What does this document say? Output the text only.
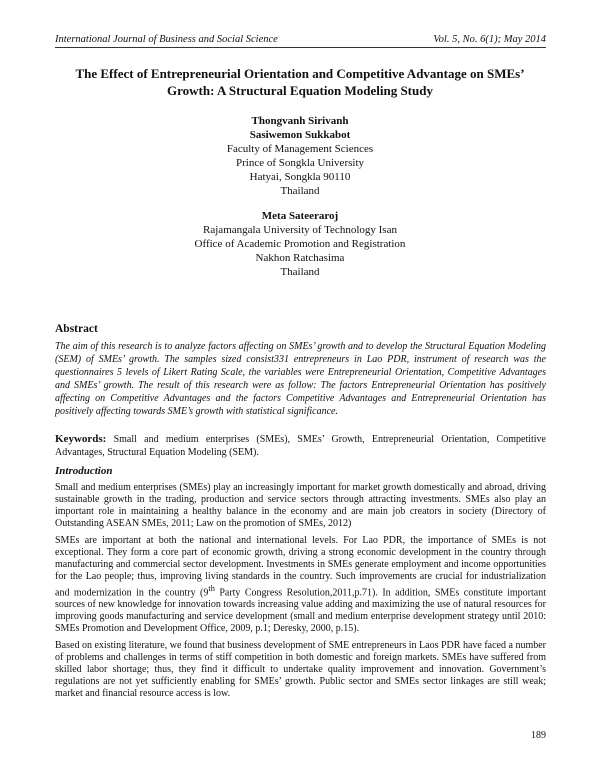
International Journal of Business and Social Science	Vol. 5, No. 6(1); May 2014
The Effect of Entrepreneurial Orientation and Competitive Advantage on SMEs’
Growth: A Structural Equation Modeling Study
Thongvanh Sirivanh
Sasiwemon Sukkabot
Faculty of Management Sciences
Prince of Songkla University
Hatyai, Songkla 90110
Thailand
Meta Sateeraroj
Rajamangala University of Technology Isan
Office of Academic Promotion and Registration
Nakhon Ratchasima
Thailand
Abstract
The aim of this research is to analyze factors affecting on SMEs’ growth and to develop the Structural Equation Modeling (SEM) of SMEs’ growth. The samples sized consist331 entrepreneurs in Lao PDR, instrument of research was the questionnaires 5 levels of Likert Rating Scale, the variables were Entrepreneurial Orientation, Competitive Advantages and SMEs’ growth. The result of this research were as follow: The factors Entrepreneurial Orientation has positively affecting on Competitive Advantages and the factors Competitive Advantages and Entrepreneurial Orientation has positively affecting towards SME’s growth with statistical significance.
Keywords: Small and medium enterprises (SMEs), SMEs’ Growth, Entrepreneurial Orientation, Competitive Advantages, Structural Equation Modeling (SEM).
Introduction

Small and medium enterprises (SMEs) play an increasingly important for market growth domestically and abroad, driving sustainable growth in the trading, production and service sectors through attracting investments. SMEs also play an important role in maintaining a healthy balance in the economy and are main job creators in society (Directory of Outstanding ASEAN SMEs, 2011; Law on the promotion of SMEs, 2012)

SMEs are important at both the national and international levels. For Lao PDR, the importance of SMEs is not exceptional. They form a core part of economic growth, driving a strong economic development in the country through manufacturing and commercial sector development. Investments in SMEs generate employment and income opportunities for the Lao people; thus, improving living standards in the country. Such improvements are crucial for industrialization and modernization in the country (9th Party Congress Resolution,2011,p.71). In addition, SMEs constitute important sources of new knowledge for innovation towards increasing value adding and maximizing the use of natural resources for improving goods manufacturing and service development (small and medium enterprise development strategy until 2010: SMEs Promotion and Development Office, 2009, p.1; Deresky, 2000, p.15).

Based on existing literature, we found that business development of SME entrepreneurs in Laos PDR have faced a number of problems and challenges in terms of stiff competition in both domestic and foreign markets. SMEs have suffered from skilled labor shortage; thus, they find it difficult to undertake quality improvement and innovation. Government’s regulations are not yet sufficiently enabling for SMEs’ growth. Public sector and SMEs sector linkages are still weak; market and financial resource access is low.

189
